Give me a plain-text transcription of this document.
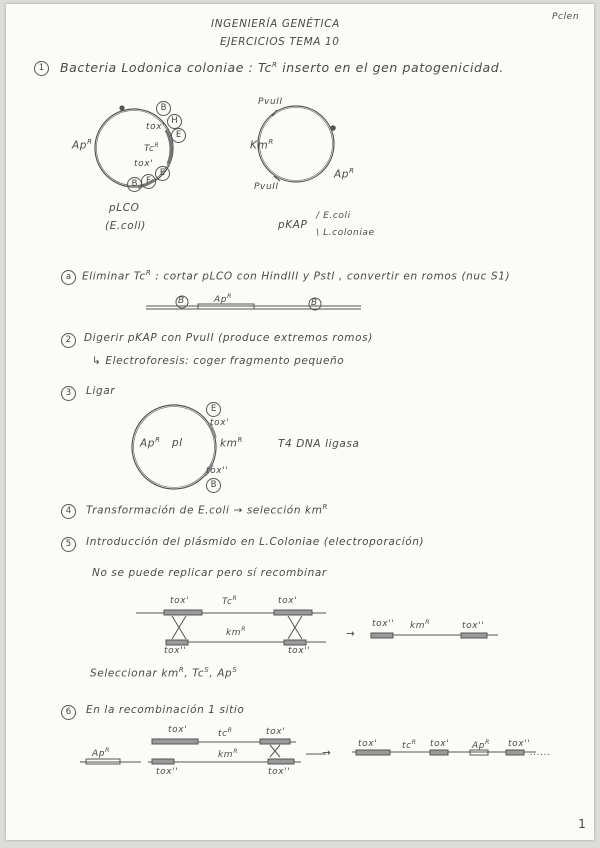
INGENIERÍA GENÉTICA
EJERCICIOS TEMA 10
Pclen
1	Bacteria Lodonica coloniae : $Tc^R$ inserto en el gen patogenicidad.
B
H
E
E
F
B
tox'
tox'
$Tc^R$
$Ap^R$
pLCO
(E.coli)
PvuII
PvuII
$Km^R$
$Ap^R$
pKAP
/ E.coli
\ L.coloniae
a	Eliminar $Tc^R$ : cortar pLCO con HindIII y PstI , convertir en romos (nuc S1)
B	$Ap^R$
B
2	Digerir pKAP con PvuII (produce extremos romos)
↳ Electroforesis: coger fragmento pequeño
3	Ligar
$Ap^R$ pI	$km^R$
tox'
tox''
E
B
T4 DNA ligasa
4	Transformación de E.coli → selección $km^R$
5	Introducción del plásmido en L.Coloniae (electroporación)
No se puede replicar pero sí recombinar
tox'	$Tc^R$	tox'
$km^R$
tox''	tox''
→
tox'' $km^R$	tox''
Seleccionar $km^R$, $Tc^S$, $Ap^S$
6	En la recombinación 1 sitio
tox'	$tc^R$	tox'
$Ap^R$	$km^R$
tox''	tox''
→
tox'	$tc^R$ tox'	$Ap^R$ tox''
......
1
